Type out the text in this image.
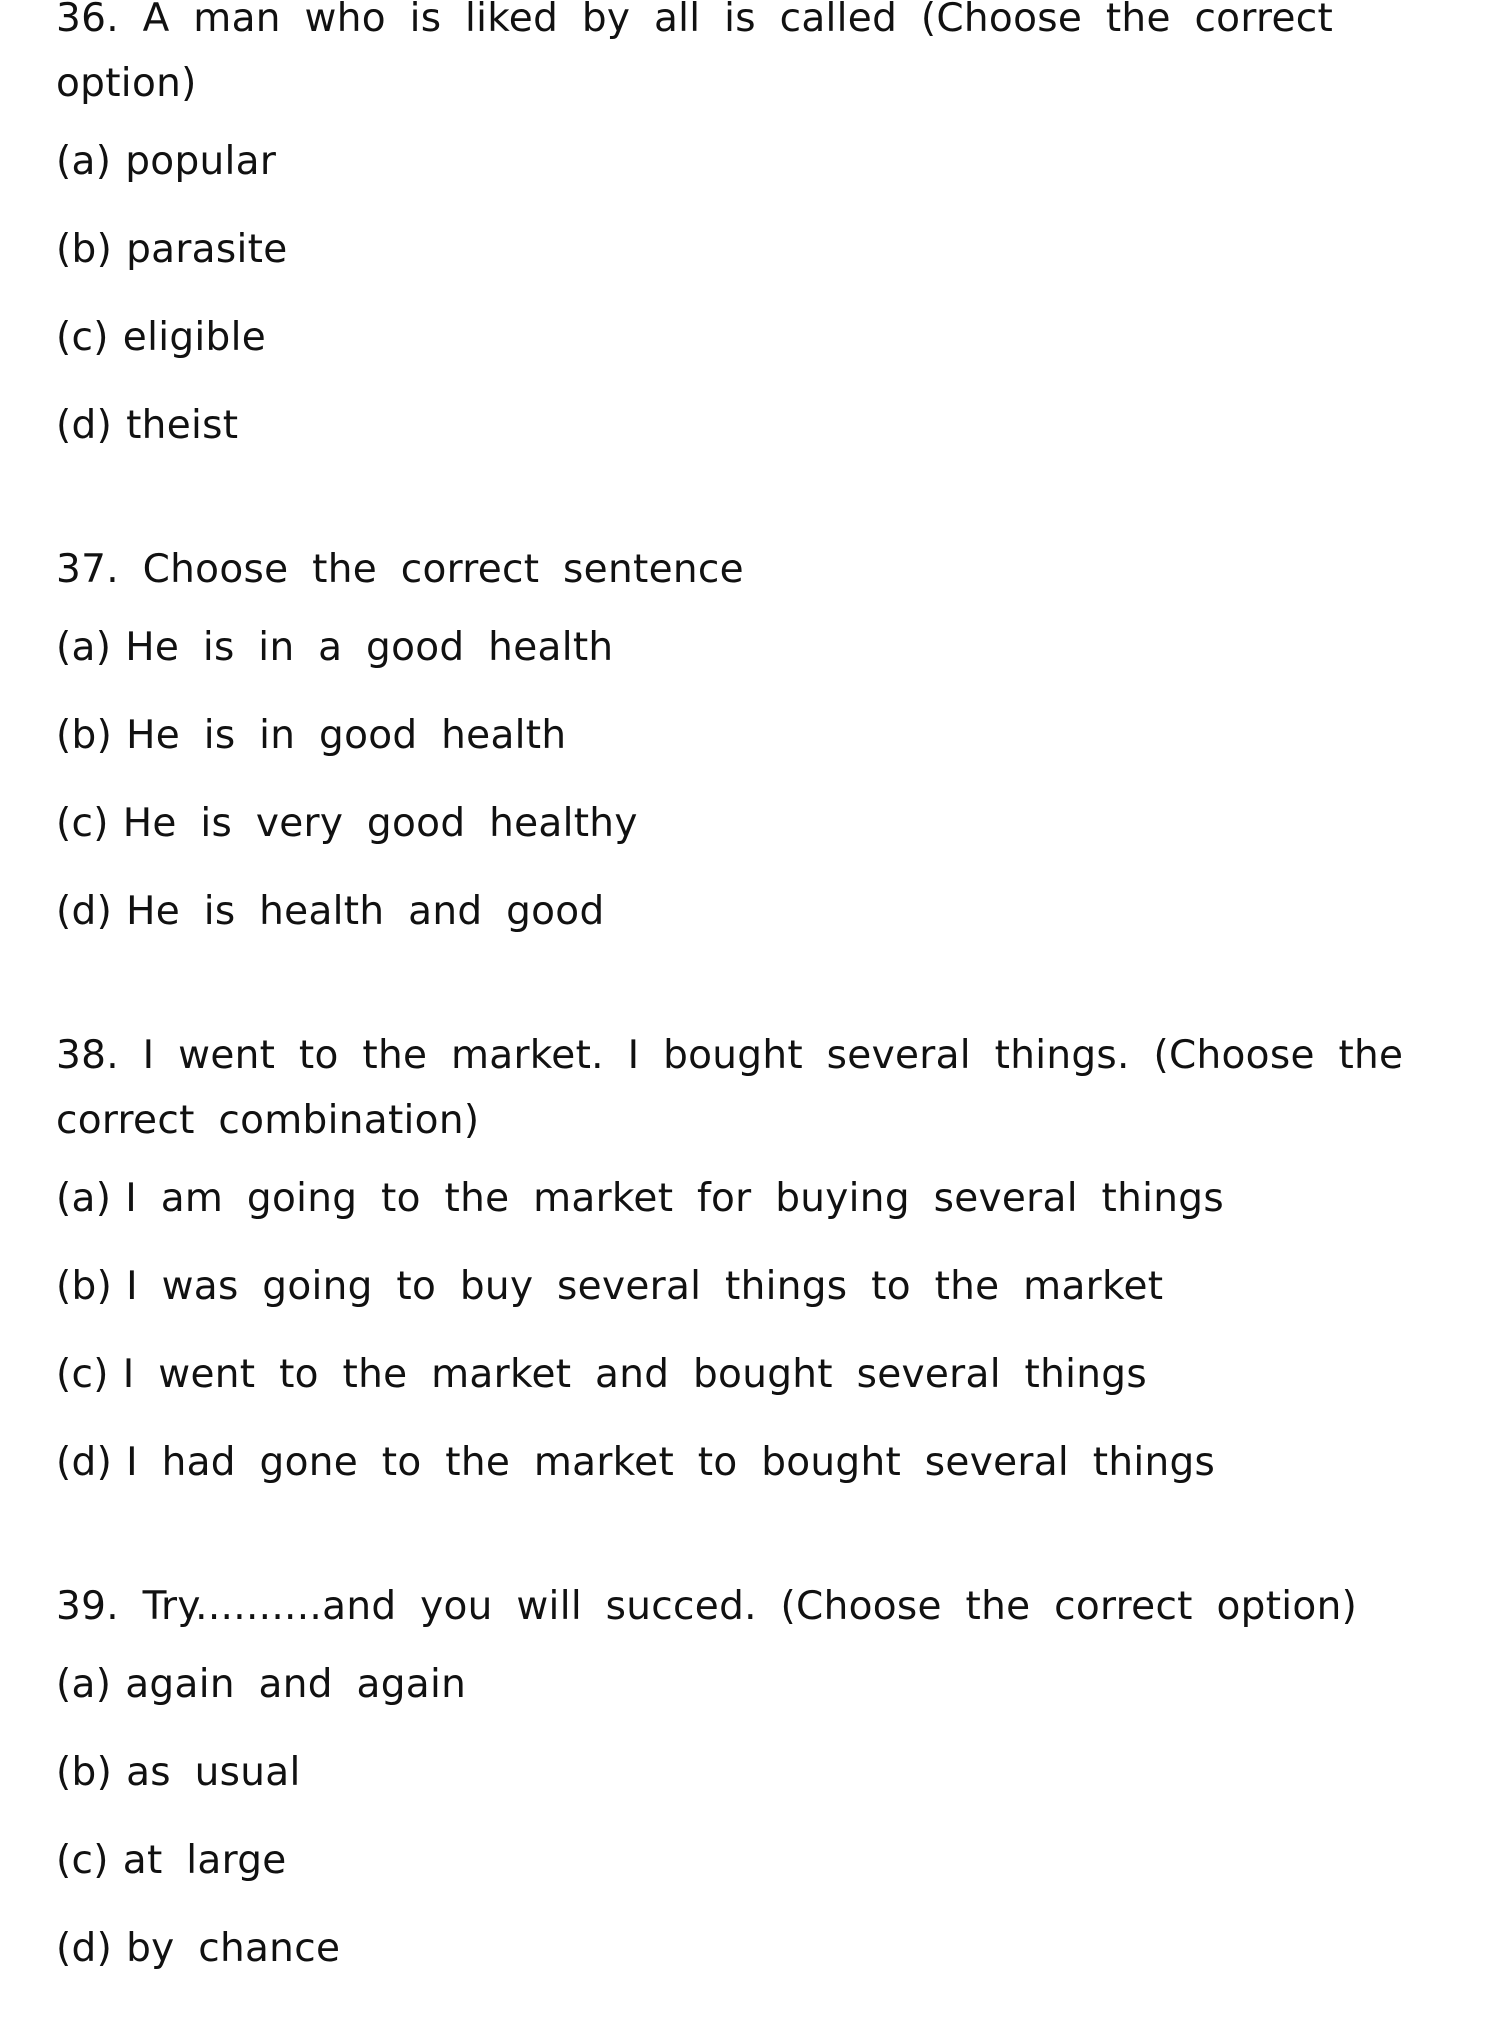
36. A man who is liked by all is called (Choose the correct option)

(a) popular
(b) parasite
(c) eligible
(d) theist

37. Choose the correct sentence

(a) He is in a good health
(b) He is in good health
(c) He is very good healthy
(d) He is health and good

38. I went to the market. I bought several things. (Choose the correct combination)

(a) I am going to the market for buying several things
(b) I was going to buy several things to the market
(c) I went to the market and bought several things
(d) I had gone to the market to bought several things

39. Try..........and you will succed. (Choose the correct option)

(a) again and again
(b) as usual
(c) at large
(d) by chance
